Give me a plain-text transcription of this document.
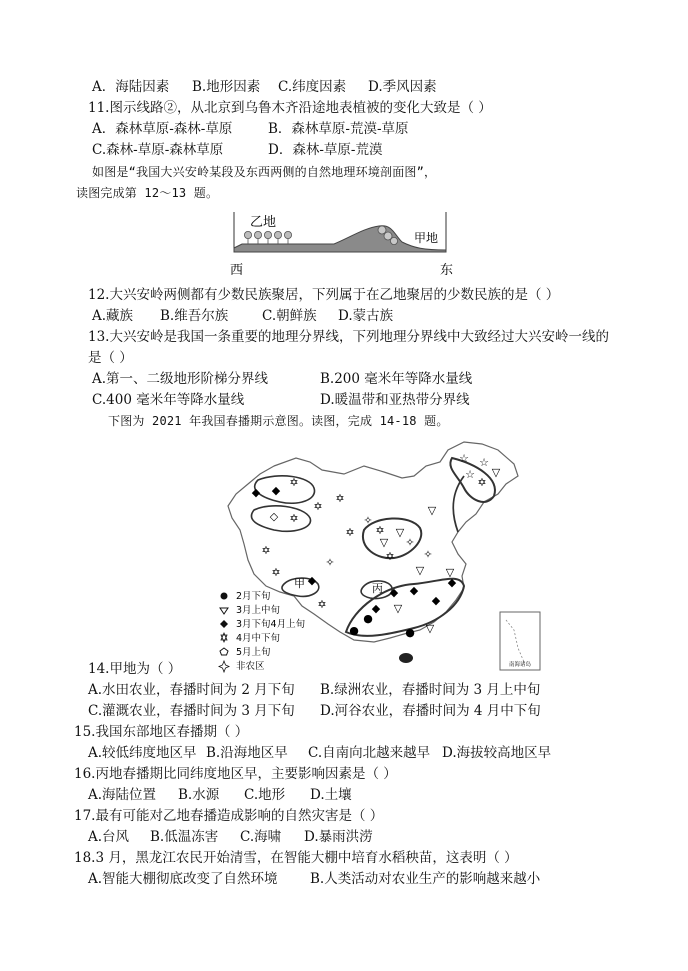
A．海陆因素 B.地形因素 C.纬度因素 D.季风因素
11.图示线路②，从北京到乌鲁木齐沿途地表植被的变化大致是（ ）
A．森林草原-森林-草原	B．森林草原-荒漠-草原
C.森林-草原-森林草原	D．森林-草原-荒漠
如图是“我国大兴安岭某段及东西两侧的自然地理环境剖面图”，
读图完成第 12～13 题。
乙地
甲地
西	东
12.大兴安岭两侧都有少数民族聚居，下列属于在乙地聚居的少数民族的是（ ）
A.藏族 B.维吾尔族	C.朝鲜族 D.蒙古族
13.大兴安岭是我国一条重要的地理分界线，下列地理分界线中大致经过大兴安岭一线的
是（ ）
A.第一、二级地形阶梯分界线	B.200 毫米年等降水量线
C.400 毫米年等降水量线	D.暖温带和亚热带分界线
下图为 2021 年我国春播期示意图。读图，完成 14-18 题。
☆ ☆
✡
☆ ▽
◆
✡
◆
◇ ✡
✡
✡
✡
✧
▽
▽
✧
✡
▽
✧
✡
✧
✡
✡
◆
✡
◆ ◆
◆
◆
▽
▽
◆ ▽
●
● ▽
●
甲	丙
南海诸岛
2月下旬
3月上中旬
3月下旬4月上旬
4月中下旬
5月上旬
非农区
14.甲地为（ ）
A.水田农业，春播时间为 2 月下旬 B.绿洲农业，春播时间为 3 月上中旬
C.灌溉农业，春播时间为 3 月下旬 D.河谷农业，春播时间为 4 月中下旬
15.我国东部地区春播期（ ）
A.较低纬度地区早 B.沿海地区早 C.自南向北越来越早 D.海拔较高地区早
16.丙地春播期比同纬度地区早，主要影响因素是（ ）
A.海陆位置 B.水源 C.地形 D.土壤
17.最有可能对乙地春播造成影响的自然灾害是（ ）
A.台风 B.低温冻害 C.海啸 D.暴雨洪涝
18.3 月，黑龙江农民开始清雪，在智能大棚中培育水稻秧苗，这表明（ ）
A.智能大棚彻底改变了自然环境 B.人类活动对农业生产的影响越来越小
